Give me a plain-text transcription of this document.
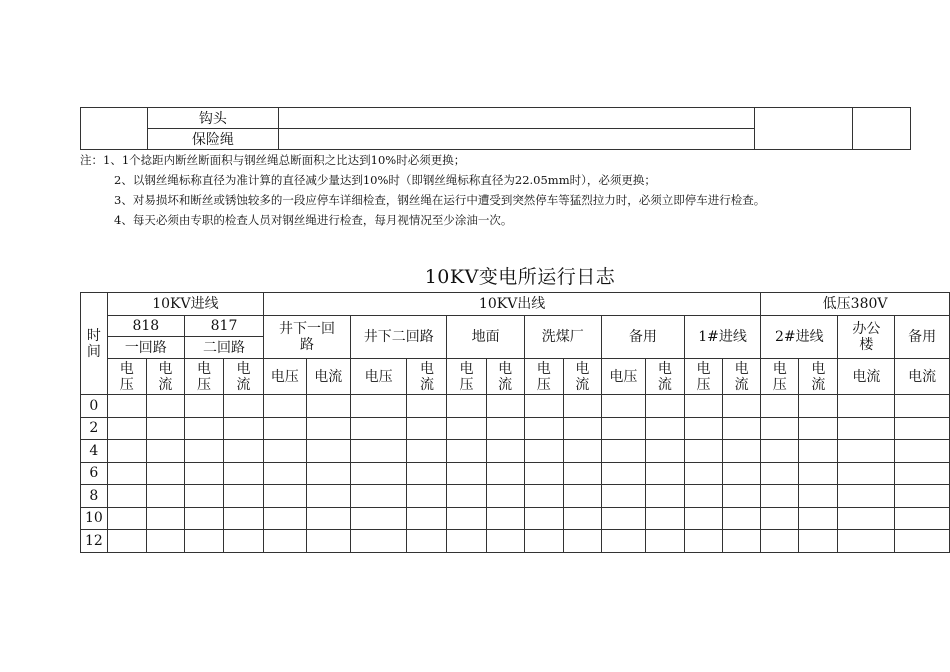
	钩头			
	保险绳			
注：1、1个捻距内断丝断面积与钢丝绳总断面积之比达到10%时必须更换；
2、以钢丝绳标称直径为准计算的直径减少量达到10%时（即钢丝绳标称直径为22.05mm时），必须更换；
3、对易损坏和断丝或锈蚀较多的一段应停车详细检查，钢丝绳在运行中遭受到突然停车等猛烈拉力时，必须立即停车进行检查。
4、每天必须由专职的检查人员对钢丝绳进行检查，每月视情况至少涂油一次。
10KV变电所运行日志
时间	10KV进线				10KV出线												低压380V			
	818		817		井下一回路		井下二回路		地面		洗煤厂		备用		1#进线		2#进线		办公楼	备用
	一回路		二回路																	
	电压	电流	电压	电流	电压	电流	电压	电流	电压	电流	电压	电流	电压	电流	电压	电流	电压	电流	电流	电流
0																				
2																				
4																				
6																				
8																				
10																				
12																				
